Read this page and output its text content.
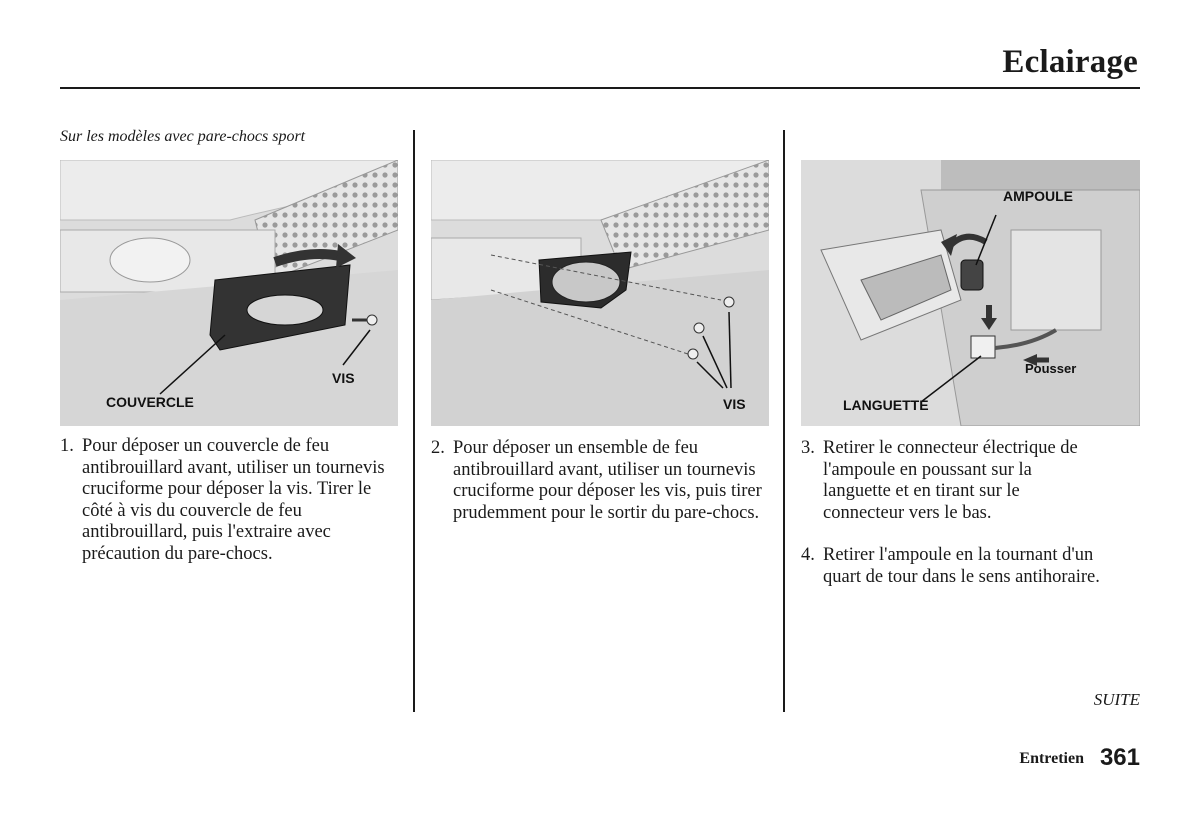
Eclairage
Sur les modèles avec pare-chocs sport
COUVERCLE
VIS
VIS
AMPOULE
Pousser
LANGUETTE
1. Pour déposer un couvercle de feu antibrouillard avant, utiliser un tournevis cruciforme pour déposer la vis. Tirer le côté à vis du couvercle de feu antibrouillard, puis l'extraire avec précaution du pare-chocs.
2. Pour déposer un ensemble de feu antibrouillard avant, utiliser un tournevis cruciforme pour déposer les vis, puis tirer prudemment pour le sortir du pare-chocs.
3. Retirer le connecteur électrique de l'ampoule en poussant sur la languette et en tirant sur le connecteur vers le bas.
4. Retirer l'ampoule en la tournant d'un quart de tour dans le sens antihoraire.
SUITE
Entretien 361
